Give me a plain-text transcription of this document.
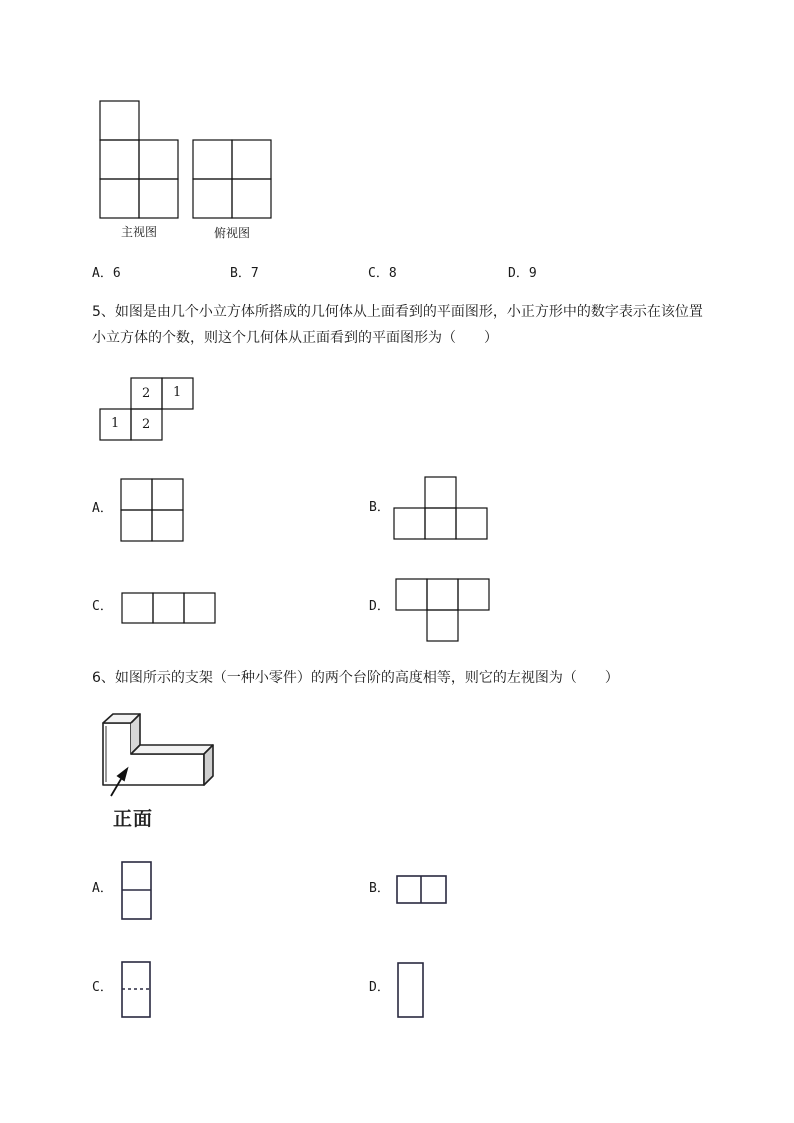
主视图	俯视图
A．6	B．7	C．8	D．9
5、如图是由几个小立方体所搭成的几何体从上面看到的平面图形，小正方形中的数字表示在该位置
小立方体的个数，则这个几何体从正面看到的平面图形为（　　）
2 1
1 2
A．	B．
C．	D．
6、如图所示的支架（一种小零件）的两个台阶的高度相等，则它的左视图为（　　）
正面
A．	B．
C．	D．
